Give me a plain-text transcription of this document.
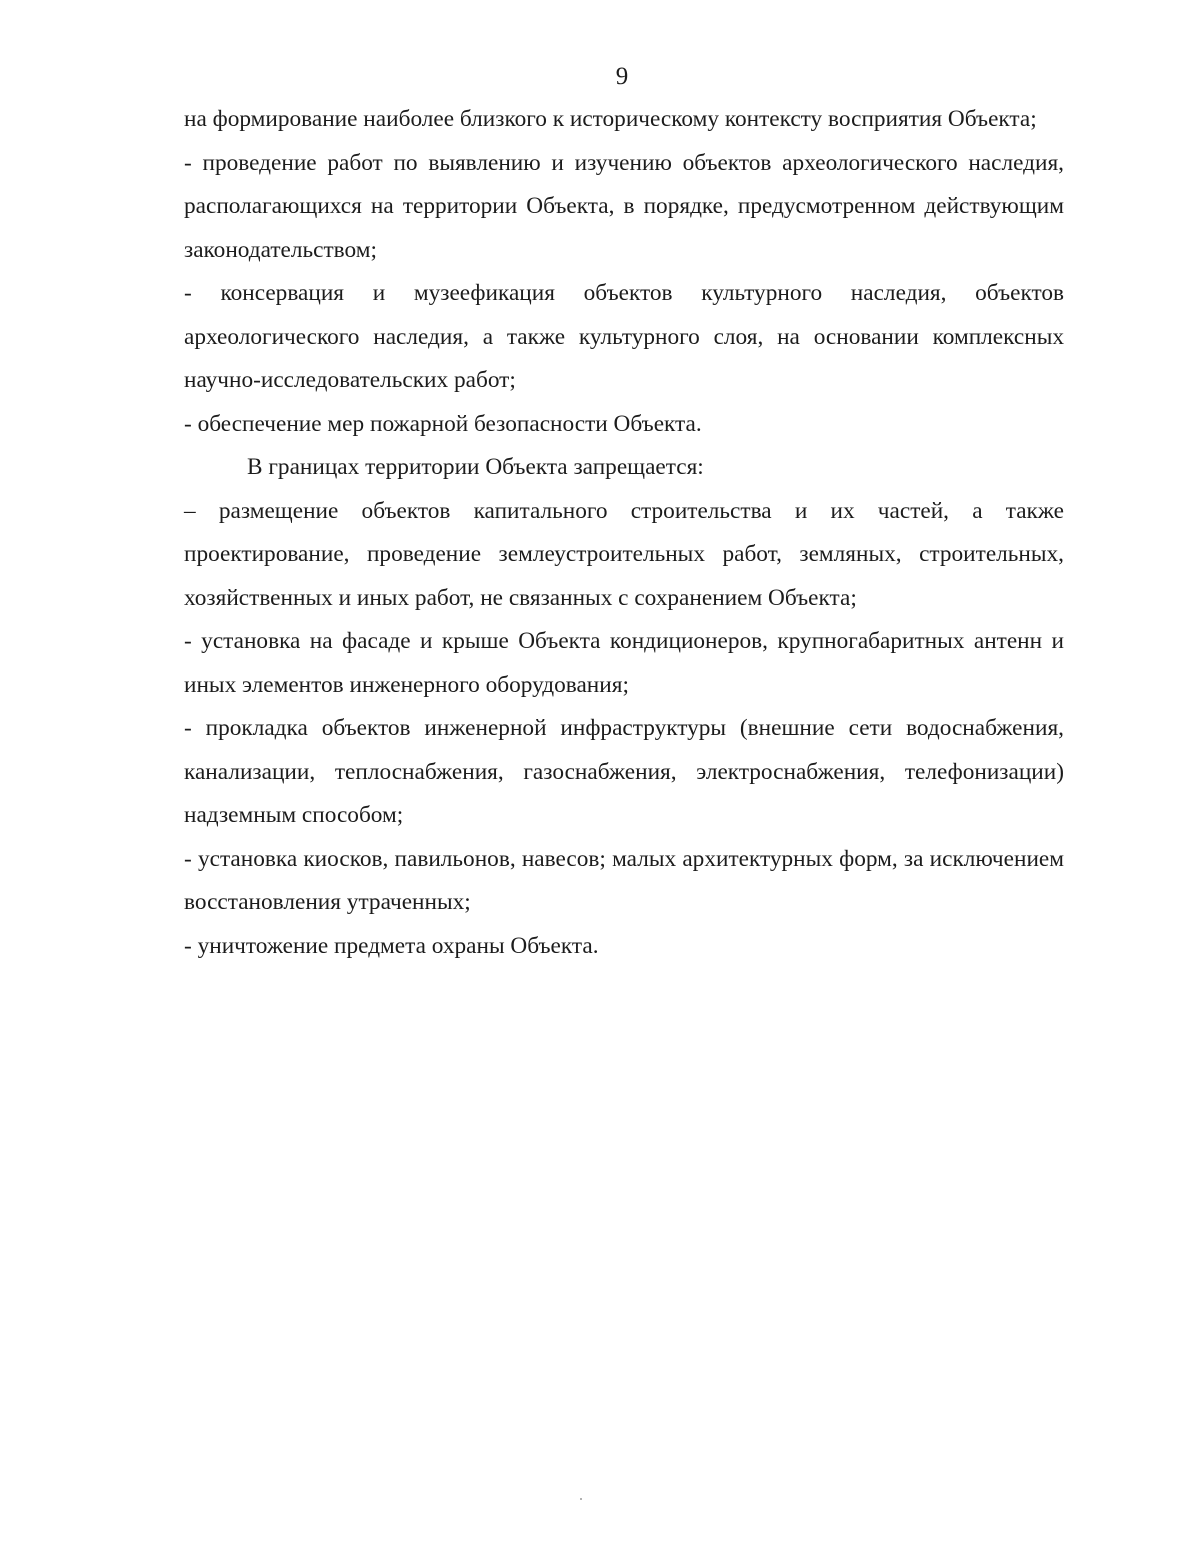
9

на формирование наиболее близкого к историческому контексту восприятия Объекта;

- проведение работ по выявлению и изучению объектов археологического наследия, располагающихся на территории Объекта, в порядке, предусмотренном действующим законодательством;

- консервация и музеефикация объектов культурного наследия, объектов археологического наследия, а также культурного слоя, на основании комплексных научно-исследовательских работ;

- обеспечение мер пожарной безопасности Объекта.

В границах территории Объекта запрещается:

– размещение объектов капитального строительства и их частей, а также проектирование, проведение землеустроительных работ, земляных, строительных, хозяйственных и иных работ, не связанных с сохранением Объекта;

- установка на фасаде и крыше Объекта кондиционеров, крупногабаритных антенн и иных элементов инженерного оборудования;

- прокладка объектов инженерной инфраструктуры (внешние сети водоснабжения, канализации, теплоснабжения, газоснабжения, электроснабжения, телефонизации) надземным способом;

- установка киосков, павильонов, навесов; малых архитектурных форм, за исключением восстановления утраченных;

- уничтожение предмета охраны Объекта.
